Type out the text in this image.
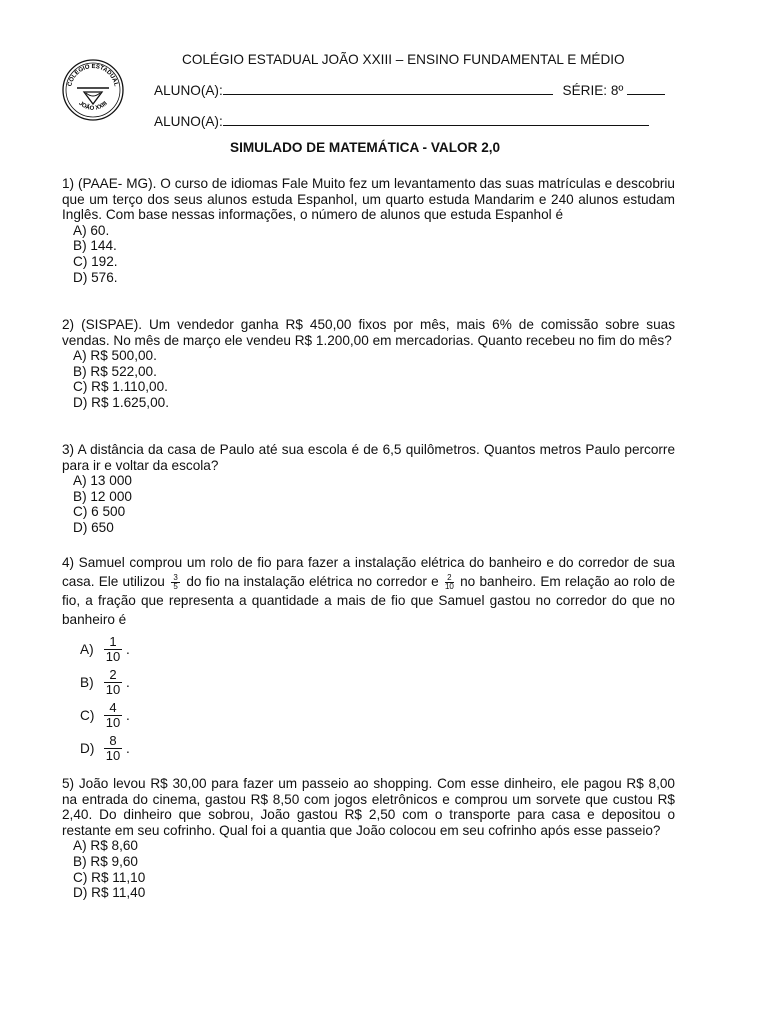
COLÉGIO ESTADUAL
JOÃO XXIII
COLÉGIO ESTADUAL JOÃO XXIII – ENSINO FUNDAMENTAL E MÉDIO
ALUNO(A):	SÉRIE: 8º
ALUNO(A):
SIMULADO DE MATEMÁTICA - VALOR 2,0
1) (PAAE- MG). O curso de idiomas Fale Muito fez um levantamento das suas matrículas e descobriu que um terço dos seus alunos estuda Espanhol, um quarto estuda Mandarim e 240 alunos estudam Inglês. Com base nessas informações, o número de alunos que estuda Espanhol é
A) 60.
B) 144.
C) 192.
D) 576.
2) (SISPAE). Um vendedor ganha R$ 450,00 fixos por mês, mais 6% de comissão sobre suas vendas. No mês de março ele vendeu R$ 1.200,00 em mercadorias. Quanto recebeu no fim do mês?
A) R$ 500,00.
B) R$ 522,00.
C) R$ 1.110,00.
D) R$ 1.625,00.
3) A distância da casa de Paulo até sua escola é de 6,5 quilômetros. Quantos metros Paulo percorre para ir e voltar da escola?
A) 13 000
B) 12 000
C) 6 500
D) 650
4) Samuel comprou um rolo de fio para fazer a instalação elétrica do banheiro e do corredor de sua casa. Ele utilizou $\frac{3}{5}$ do fio na instalação elétrica no corredor e $\frac{2}{10}$ no banheiro. Em relação ao rolo de fio, a fração que representa a quantidade a mais de fio que Samuel gastou no corredor do que no banheiro é
$A) \frac{1}{10}$ .
$B) \frac{2}{10}$ .
$C) \frac{4}{10}$ .
$D) \frac{8}{10}$ .
5) João levou R$ 30,00 para fazer um passeio ao shopping. Com esse dinheiro, ele pagou R$ 8,00 na entrada do cinema, gastou R$ 8,50 com jogos eletrônicos e comprou um sorvete que custou R$ 2,40. Do dinheiro que sobrou, João gastou R$ 2,50 com o transporte para casa e depositou o restante em seu cofrinho. Qual foi a quantia que João colocou em seu cofrinho após esse passeio?
A) R$ 8,60
B) R$ 9,60
C) R$ 11,10
D) R$ 11,40
